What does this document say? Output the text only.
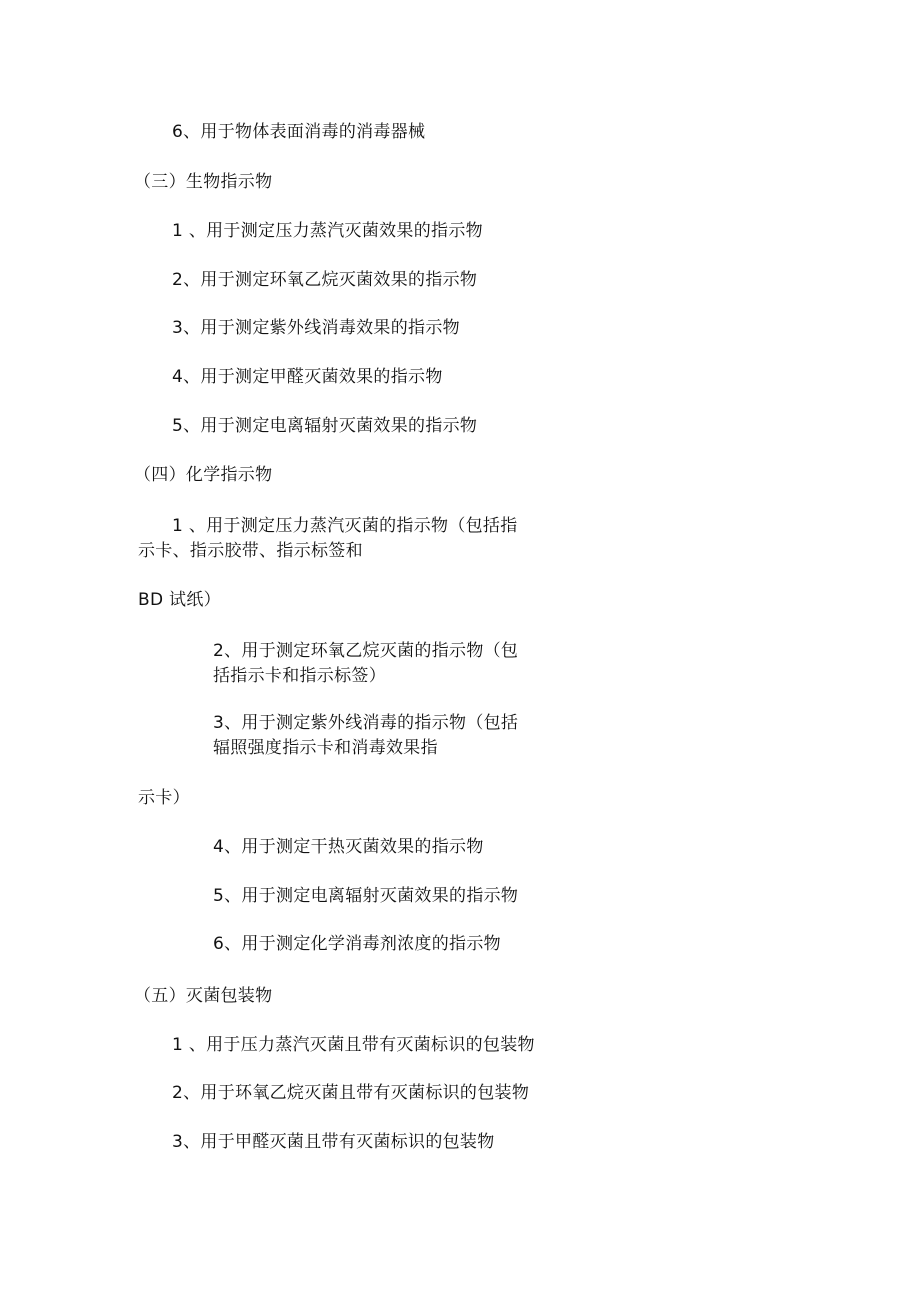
6、用于物体表面消毒的消毒器械
（三）生物指示物
1 、用于测定压力蒸汽灭菌效果的指示物
2、用于测定环氧乙烷灭菌效果的指示物
3、用于测定紫外线消毒效果的指示物
4、用于测定甲醛灭菌效果的指示物
5、用于测定电离辐射灭菌效果的指示物
（四）化学指示物
1 、用于测定压力蒸汽灭菌的指示物（包括指
示卡、指示胶带、指示标签和
BD 试纸）
2、用于测定环氧乙烷灭菌的指示物（包
括指示卡和指示标签）
3、用于测定紫外线消毒的指示物（包括
辐照强度指示卡和消毒效果指
示卡）
4、用于测定干热灭菌效果的指示物
5、用于测定电离辐射灭菌效果的指示物
6、用于测定化学消毒剂浓度的指示物
（五）灭菌包装物
1 、用于压力蒸汽灭菌且带有灭菌标识的包装物
2、用于环氧乙烷灭菌且带有灭菌标识的包装物
3、用于甲醛灭菌且带有灭菌标识的包装物
